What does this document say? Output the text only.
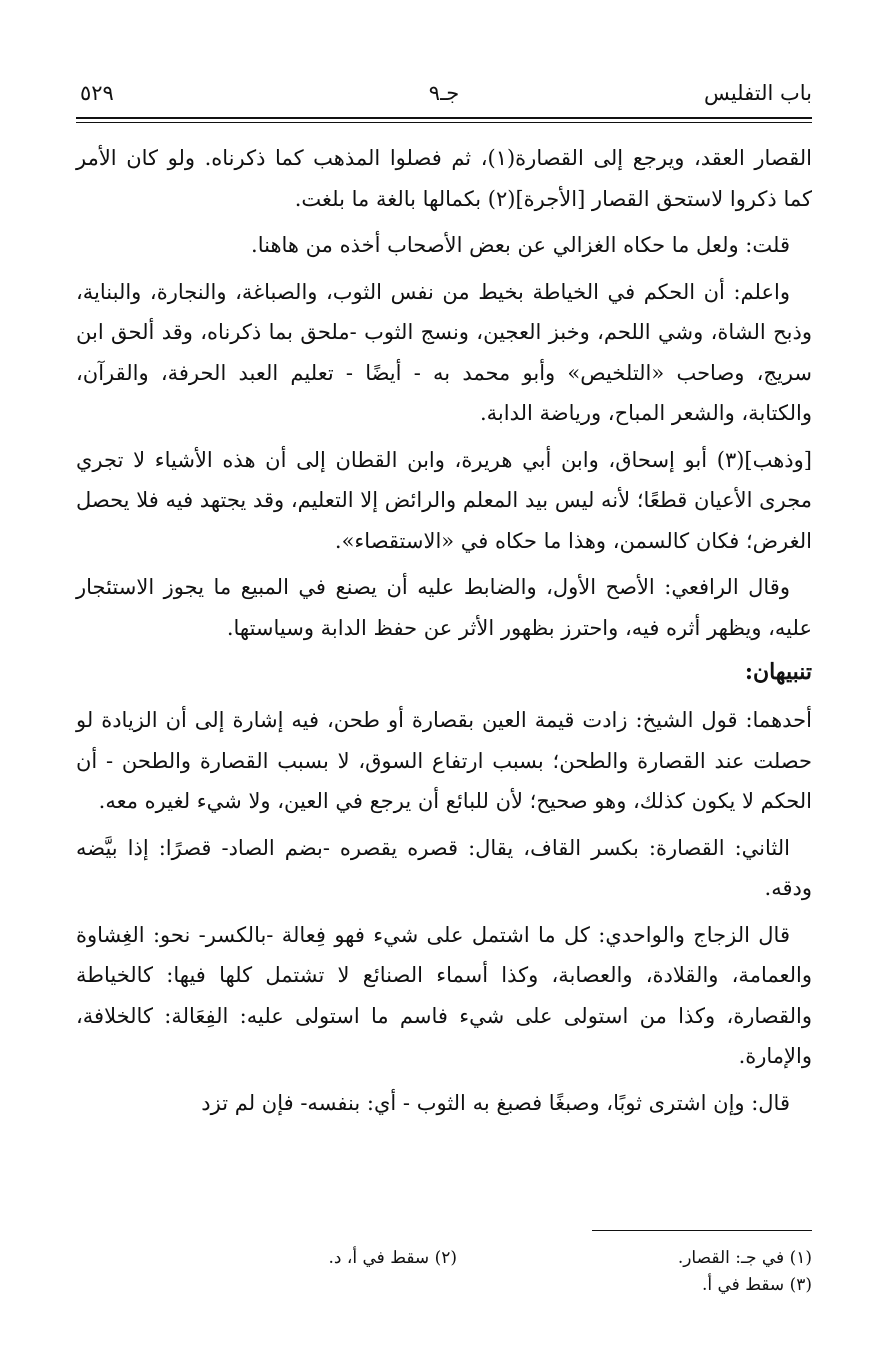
٥٢٩	جـ٩	باب التفليس

القصار العقد، ويرجع إلى القصارة(١)، ثم فصلوا المذهب كما ذكرناه. ولو كان الأمر كما ذكروا لاستحق القصار [الأجرة](٢) بكمالها بالغة ما بلغت.

قلت: ولعل ما حكاه الغزالي عن بعض الأصحاب أخذه من هاهنا.

واعلم: أن الحكم في الخياطة بخيط من نفس الثوب، والصباغة، والنجارة، والبناية، وذبح الشاة، وشي اللحم، وخبز العجين، ونسج الثوب -ملحق بما ذكرناه، وقد ألحق ابن سريج، وصاحب «التلخيص» وأبو محمد به - أيضًا - تعليم العبد الحرفة، والقرآن، والكتابة، والشعر المباح، ورياضة الدابة.

[وذهب](٣) أبو إسحاق، وابن أبي هريرة، وابن القطان إلى أن هذه الأشياء لا تجري مجرى الأعيان قطعًا؛ لأنه ليس بيد المعلم والرائض إلا التعليم، وقد يجتهد فيه فلا يحصل الغرض؛ فكان كالسمن، وهذا ما حكاه في «الاستقصاء».

وقال الرافعي: الأصح الأول، والضابط عليه أن يصنع في المبيع ما يجوز الاستئجار عليه، ويظهر أثره فيه، واحترز بظهور الأثر عن حفظ الدابة وسياستها.

تنبيهان:

أحدهما: قول الشيخ: زادت قيمة العين بقصارة أو طحن، فيه إشارة إلى أن الزيادة لو حصلت عند القصارة والطحن؛ بسبب ارتفاع السوق، لا بسبب القصارة والطحن - أن الحكم لا يكون كذلك، وهو صحيح؛ لأن للبائع أن يرجع في العين، ولا شيء لغيره معه.

الثاني: القصارة: بكسر القاف، يقال: قصره يقصره -بضم الصاد- قصرًا: إذا بيَّضه ودقه.

قال الزجاج والواحدي: كل ما اشتمل على شيء فهو فِعالة -بالكسر- نحو: الغِشاوة والعمامة، والقلادة، والعصابة، وكذا أسماء الصنائع لا تشتمل كلها فيها: كالخياطة والقصارة، وكذا من استولى على شيء فاسم ما استولى عليه: الفِعَالة: كالخلافة، والإمارة.

قال: وإن اشترى ثوبًا، وصبغًا فصبغ به الثوب - أي: بنفسه- فإن لم تزد

(١) في جـ: القصار.
(٢) سقط في أ، د.
(٣) سقط في أ.
